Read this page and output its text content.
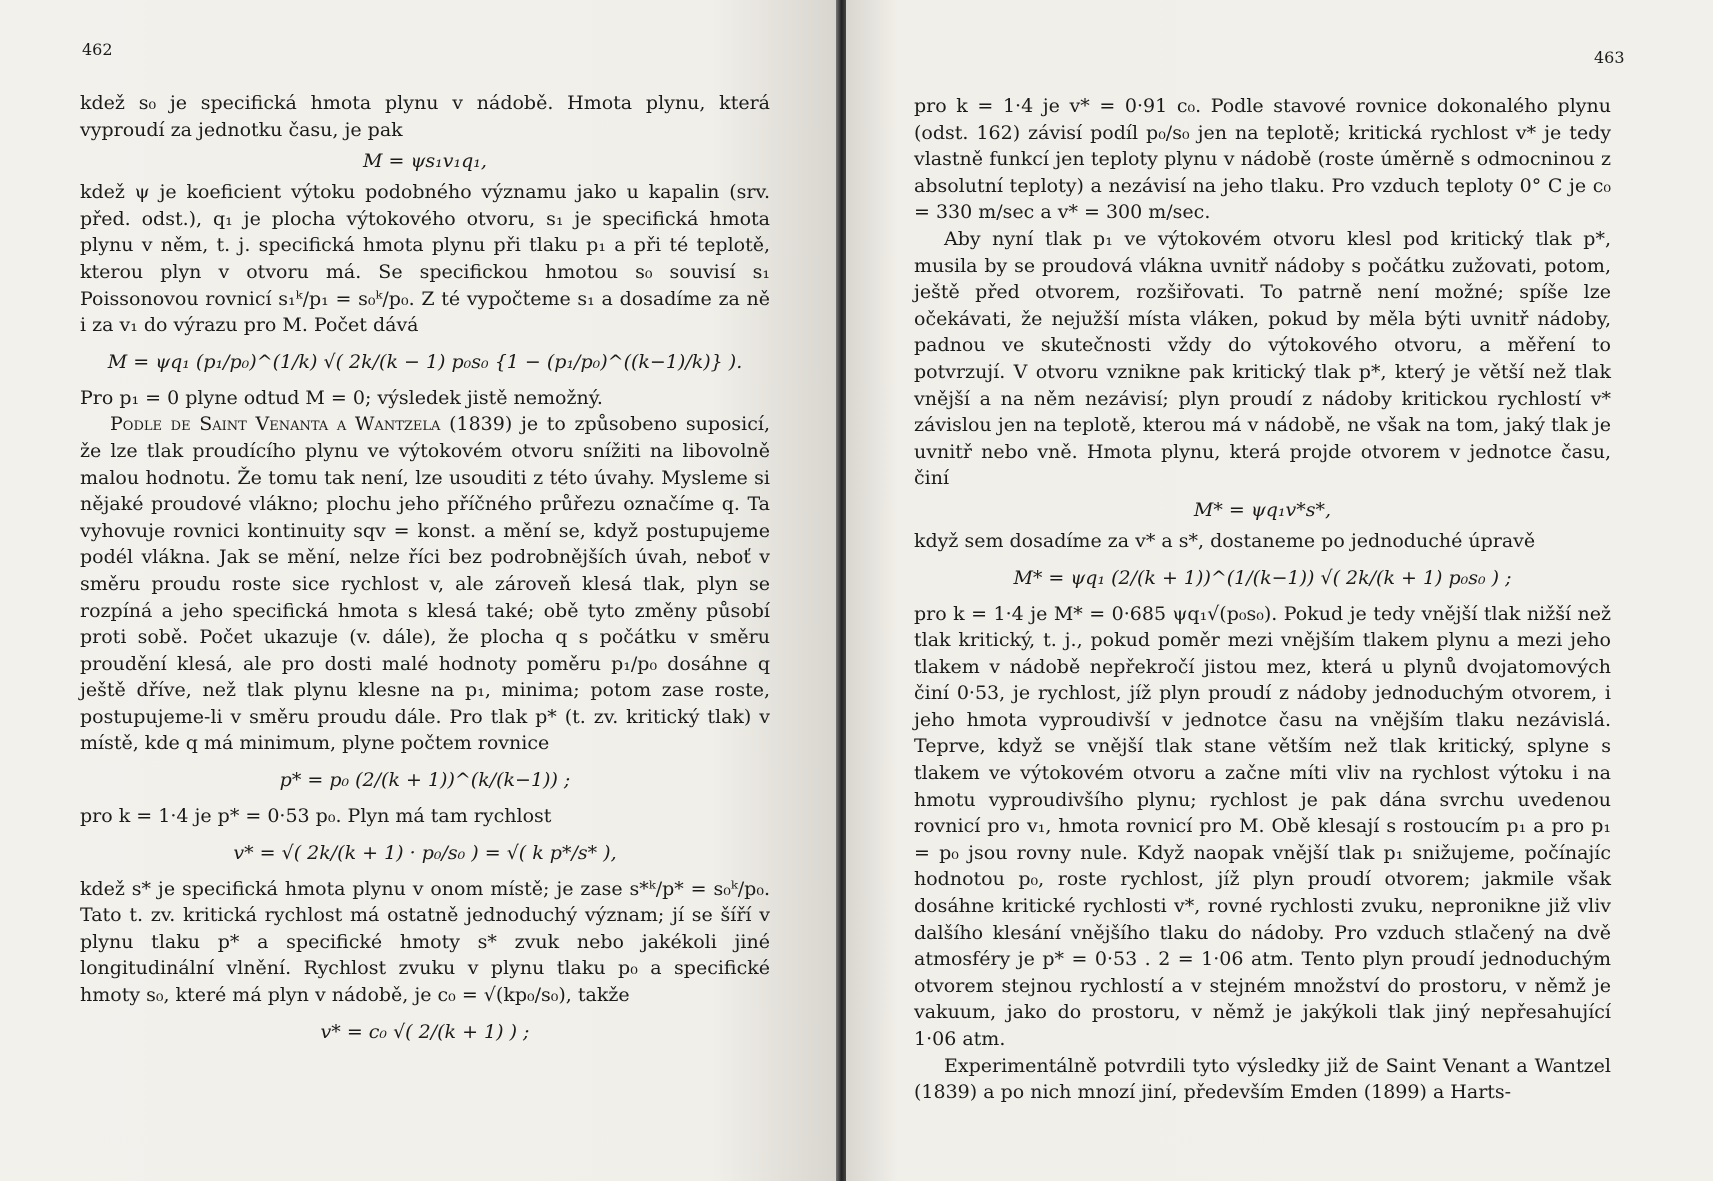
462

kdež s₀ je specifická hmota plynu v nádobě. Hmota plynu, která vyproudí za jednotku času, je pak

M = ψs₁v₁q₁,

kdež ψ je koeficient výtoku podobného významu jako u kapalin (srv. před. odst.), q₁ je plocha výtokového otvoru, s₁ je specifická hmota plynu v něm, t. j. specifická hmota plynu při tlaku p₁ a při té teplotě, kterou plyn v otvoru má. Se specifickou hmotou s₀ souvisí s₁ Poissonovou rovnicí s₁ᵏ/p₁ = s₀ᵏ/p₀. Z té vypočteme s₁ a dosadíme za ně i za v₁ do výrazu pro M. Počet dává

M = ψq₁ (p₁/p₀)^(1/k) √( 2k/(k − 1) p₀s₀ {1 − (p₁/p₀)^((k−1)/k)} ).

Pro p₁ = 0 plyne odtud M = 0; výsledek jistě nemožný.

Podle de Saint Venanta a Wantzela (1839) je to způsobeno suposicí, že lze tlak proudícího plynu ve výtokovém otvoru snížiti na libovolně malou hodnotu. Že tomu tak není, lze usouditi z této úvahy. Mysleme si nějaké proudové vlákno; plochu jeho příčného průřezu označíme q. Ta vyhovuje rovnici kontinuity sqv = konst. a mění se, když postupujeme podél vlákna. Jak se mění, nelze říci bez podrobnějších úvah, neboť v směru proudu roste sice rychlost v, ale zároveň klesá tlak, plyn se rozpíná a jeho specifická hmota s klesá také; obě tyto změny působí proti sobě. Počet ukazuje (v. dále), že plocha q s počátku v směru proudění klesá, ale pro dosti malé hodnoty poměru p₁/p₀ dosáhne q ještě dříve, než tlak plynu klesne na p₁, minima; potom zase roste, postupujeme-li v směru proudu dále. Pro tlak p* (t. zv. kritický tlak) v místě, kde q má minimum, plyne počtem rovnice

p* = p₀ (2/(k + 1))^(k/(k−1)) ;

pro k = 1·4 je p* = 0·53 p₀. Plyn má tam rychlost

v* = √( 2k/(k + 1) · p₀/s₀ ) = √( k p*/s* ),

kdež s* je specifická hmota plynu v onom místě; je zase s*ᵏ/p* = s₀ᵏ/p₀. Tato t. zv. kritická rychlost má ostatně jednoduchý význam; jí se šíří v plynu tlaku p* a specifické hmoty s* zvuk nebo jakékoli jiné longitudinální vlnění. Rychlost zvuku v plynu tlaku p₀ a specifické hmoty s₀, které má plyn v nádobě, je c₀ = √(kp₀/s₀), takže

v* = c₀ √( 2/(k + 1) ) ;
463

pro k = 1·4 je v* = 0·91 c₀. Podle stavové rovnice dokonalého plynu (odst. 162) závisí podíl p₀/s₀ jen na teplotě; kritická rychlost v* je tedy vlastně funkcí jen teploty plynu v nádobě (roste úměrně s odmocninou z absolutní teploty) a nezávisí na jeho tlaku. Pro vzduch teploty 0° C je c₀ = 330 m/sec a v* = 300 m/sec.

Aby nyní tlak p₁ ve výtokovém otvoru klesl pod kritický tlak p*, musila by se proudová vlákna uvnitř nádoby s počátku zužovati, potom, ještě před otvorem, rozšiřovati. To patrně není možné; spíše lze očekávati, že nejužší místa vláken, pokud by měla býti uvnitř nádoby, padnou ve skutečnosti vždy do výtokového otvoru, a měření to potvrzují. V otvoru vznikne pak kritický tlak p*, který je větší než tlak vnější a na něm nezávisí; plyn proudí z nádoby kritickou rychlostí v* závislou jen na teplotě, kterou má v nádobě, ne však na tom, jaký tlak je uvnitř nebo vně. Hmota plynu, která projde otvorem v jednotce času, činí

M* = ψq₁v*s*,

když sem dosadíme za v* a s*, dostaneme po jednoduché úpravě

M* = ψq₁ (2/(k + 1))^(1/(k−1)) √( 2k/(k + 1) p₀s₀ ) ;

pro k = 1·4 je M* = 0·685 ψq₁√(p₀s₀). Pokud je tedy vnější tlak nižší než tlak kritický, t. j., pokud poměr mezi vnějším tlakem plynu a mezi jeho tlakem v nádobě nepřekročí jistou mez, která u plynů dvojatomových činí 0·53, je rychlost, jíž plyn proudí z nádoby jednoduchým otvorem, i jeho hmota vyproudivší v jednotce času na vnějším tlaku nezávislá. Teprve, když se vnější tlak stane větším než tlak kritický, splyne s tlakem ve výtokovém otvoru a začne míti vliv na rychlost výtoku i na hmotu vyproudivšího plynu; rychlost je pak dána svrchu uvedenou rovnicí pro v₁, hmota rovnicí pro M. Obě klesají s rostoucím p₁ a pro p₁ = p₀ jsou rovny nule. Když naopak vnější tlak p₁ snižujeme, počínajíc hodnotou p₀, roste rychlost, jíž plyn proudí otvorem; jakmile však dosáhne kritické rychlosti v*, rovné rychlosti zvuku, nepronikne již vliv dalšího klesání vnějšího tlaku do nádoby. Pro vzduch stlačený na dvě atmosféry je p* = 0·53 . 2 = 1·06 atm. Tento plyn proudí jednoduchým otvorem stejnou rychlostí a v stejném množství do prostoru, v němž je vakuum, jako do prostoru, v němž je jakýkoli tlak jiný nepřesahující 1·06 atm.

Experimentálně potvrdili tyto výsledky již de Saint Venant a Wantzel (1839) a po nich mnozí jiní, především Emden (1899) a Harts-
